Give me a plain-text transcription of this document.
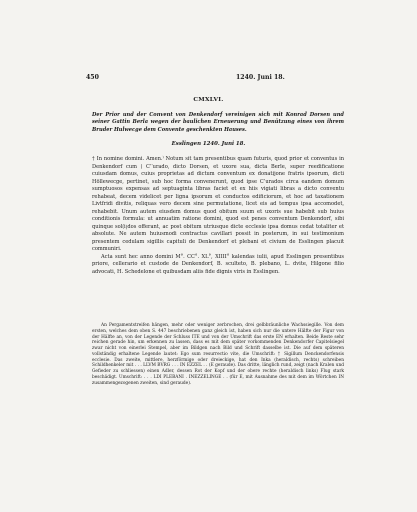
450	1240. Juni 18.
CMXLVI.
Der Prior und der Convent von Denkendorf vereinigen sich mit Konrad Dorsen und seiner Gattin Berla wegen der baulichen Erneuerung und Benützung eines von ihrem Bruder Hulwecge dem Convente geschenkten Hauses.
Esslingen 1240. Juni 18.

† In nomine domini. Amen.⁾ Notum sit tam presentibus quam futuris, quod prior et conventus in Denkendorf cum ⟮ C’‵urado, dicto Dorsen, et uxore sua, dicta Berle, super reedificatione cuiusdam domus, cuius proprietas ad dictum conventum ex donatijone fratris ipsorum, dicti Höllewecge, pertinet, sub hoc forma convenerunt, quod ipse C’urados circa eandem domum sumptuosos expensas ad septuaginta libras faciet et ex hiis vigiati libras a dicto conventu rehabeat, decem videlicet per ligna ipsorum et conductos edificiorum, et hoc ad taxationem Livtfridi divitis, reliquas vero decem sine permutatione, licet eis ad tempus ipsa accomodet, rehabebit. Unum autem eiusdem domus quod obitum suum et uxoris sue habebit sub huius conditionis formula: ut annuatim ratione domini, quod est penes conventum Denkendorf, sibi quinque sol⟮i⟯dos offerant, ac post obitum utriusque dicte ecclesie ipsa domus cedat totaliter et absolute. Ne autem huiusmodi contractus cavillari possit in posterum, in sui testimonium presentem cedulam sigillis capituli de Denkendorf et plebani et civium de Esslingen placuit communiri.

Acta sunt hec anno domini M°. CC°. XL°, XIIII° kalendas iulii, apud Esslingen presentibus priore, cellerario et custode de Denkendorf, B. sculteto, B. plebano, L. dvite, Hilgone filio advocati, H. Schedelone et quibusdam aliis fide dignis viris in Esslingen.

An Pergamentstreifen hängen, mehr oder weniger zerbrochen, drei gelbbräunliche Wachssiegille. Von dem ersten, welches dem oben S. 447 beschriebenen ganz gleich ist, haben sich nur die untere Hälfte der Figur von der Hälfte an, von der Legende der Schluss ITE und von der Umschrift das erste EN erhalten. Beide Reste sehr reichen gerade hin, um erkennen zu lassen, dass es mit dem später vorkommenden Denkendorfer Capitelsiegel zwar nicht von einerlei Stempel, aber im Bildgen nach Bild und Schrift dasselbe ist. Die auf dem späteren vollständig erhaltene Legende lautet: Ego sum resurrectio vite, die Umschrift: † Sigillum Denckendorfensis ecclesie. Das zweite, mittlere, herzförmige oder dreieckige, hat den Inka (heraldisch, rechts) schreiben Schildhenkeler mit . . . LLVM BVRG . . . IN EZZEL . . (E geraude). Das dritte, länglich rund, zeigt (nach Kralen und Gefieder zu schliessen) einen Adler, dessen Rot der Kopf und der obere rechte (heraldisch links) Flug stark beschädigt. Umschrift: . . . LDI PLEBANI . INEZZELINGE . . (für E, mit Ausnahme des mit dem im Wörtchen IN zusammengezogenen zweiten, sind geraude).
